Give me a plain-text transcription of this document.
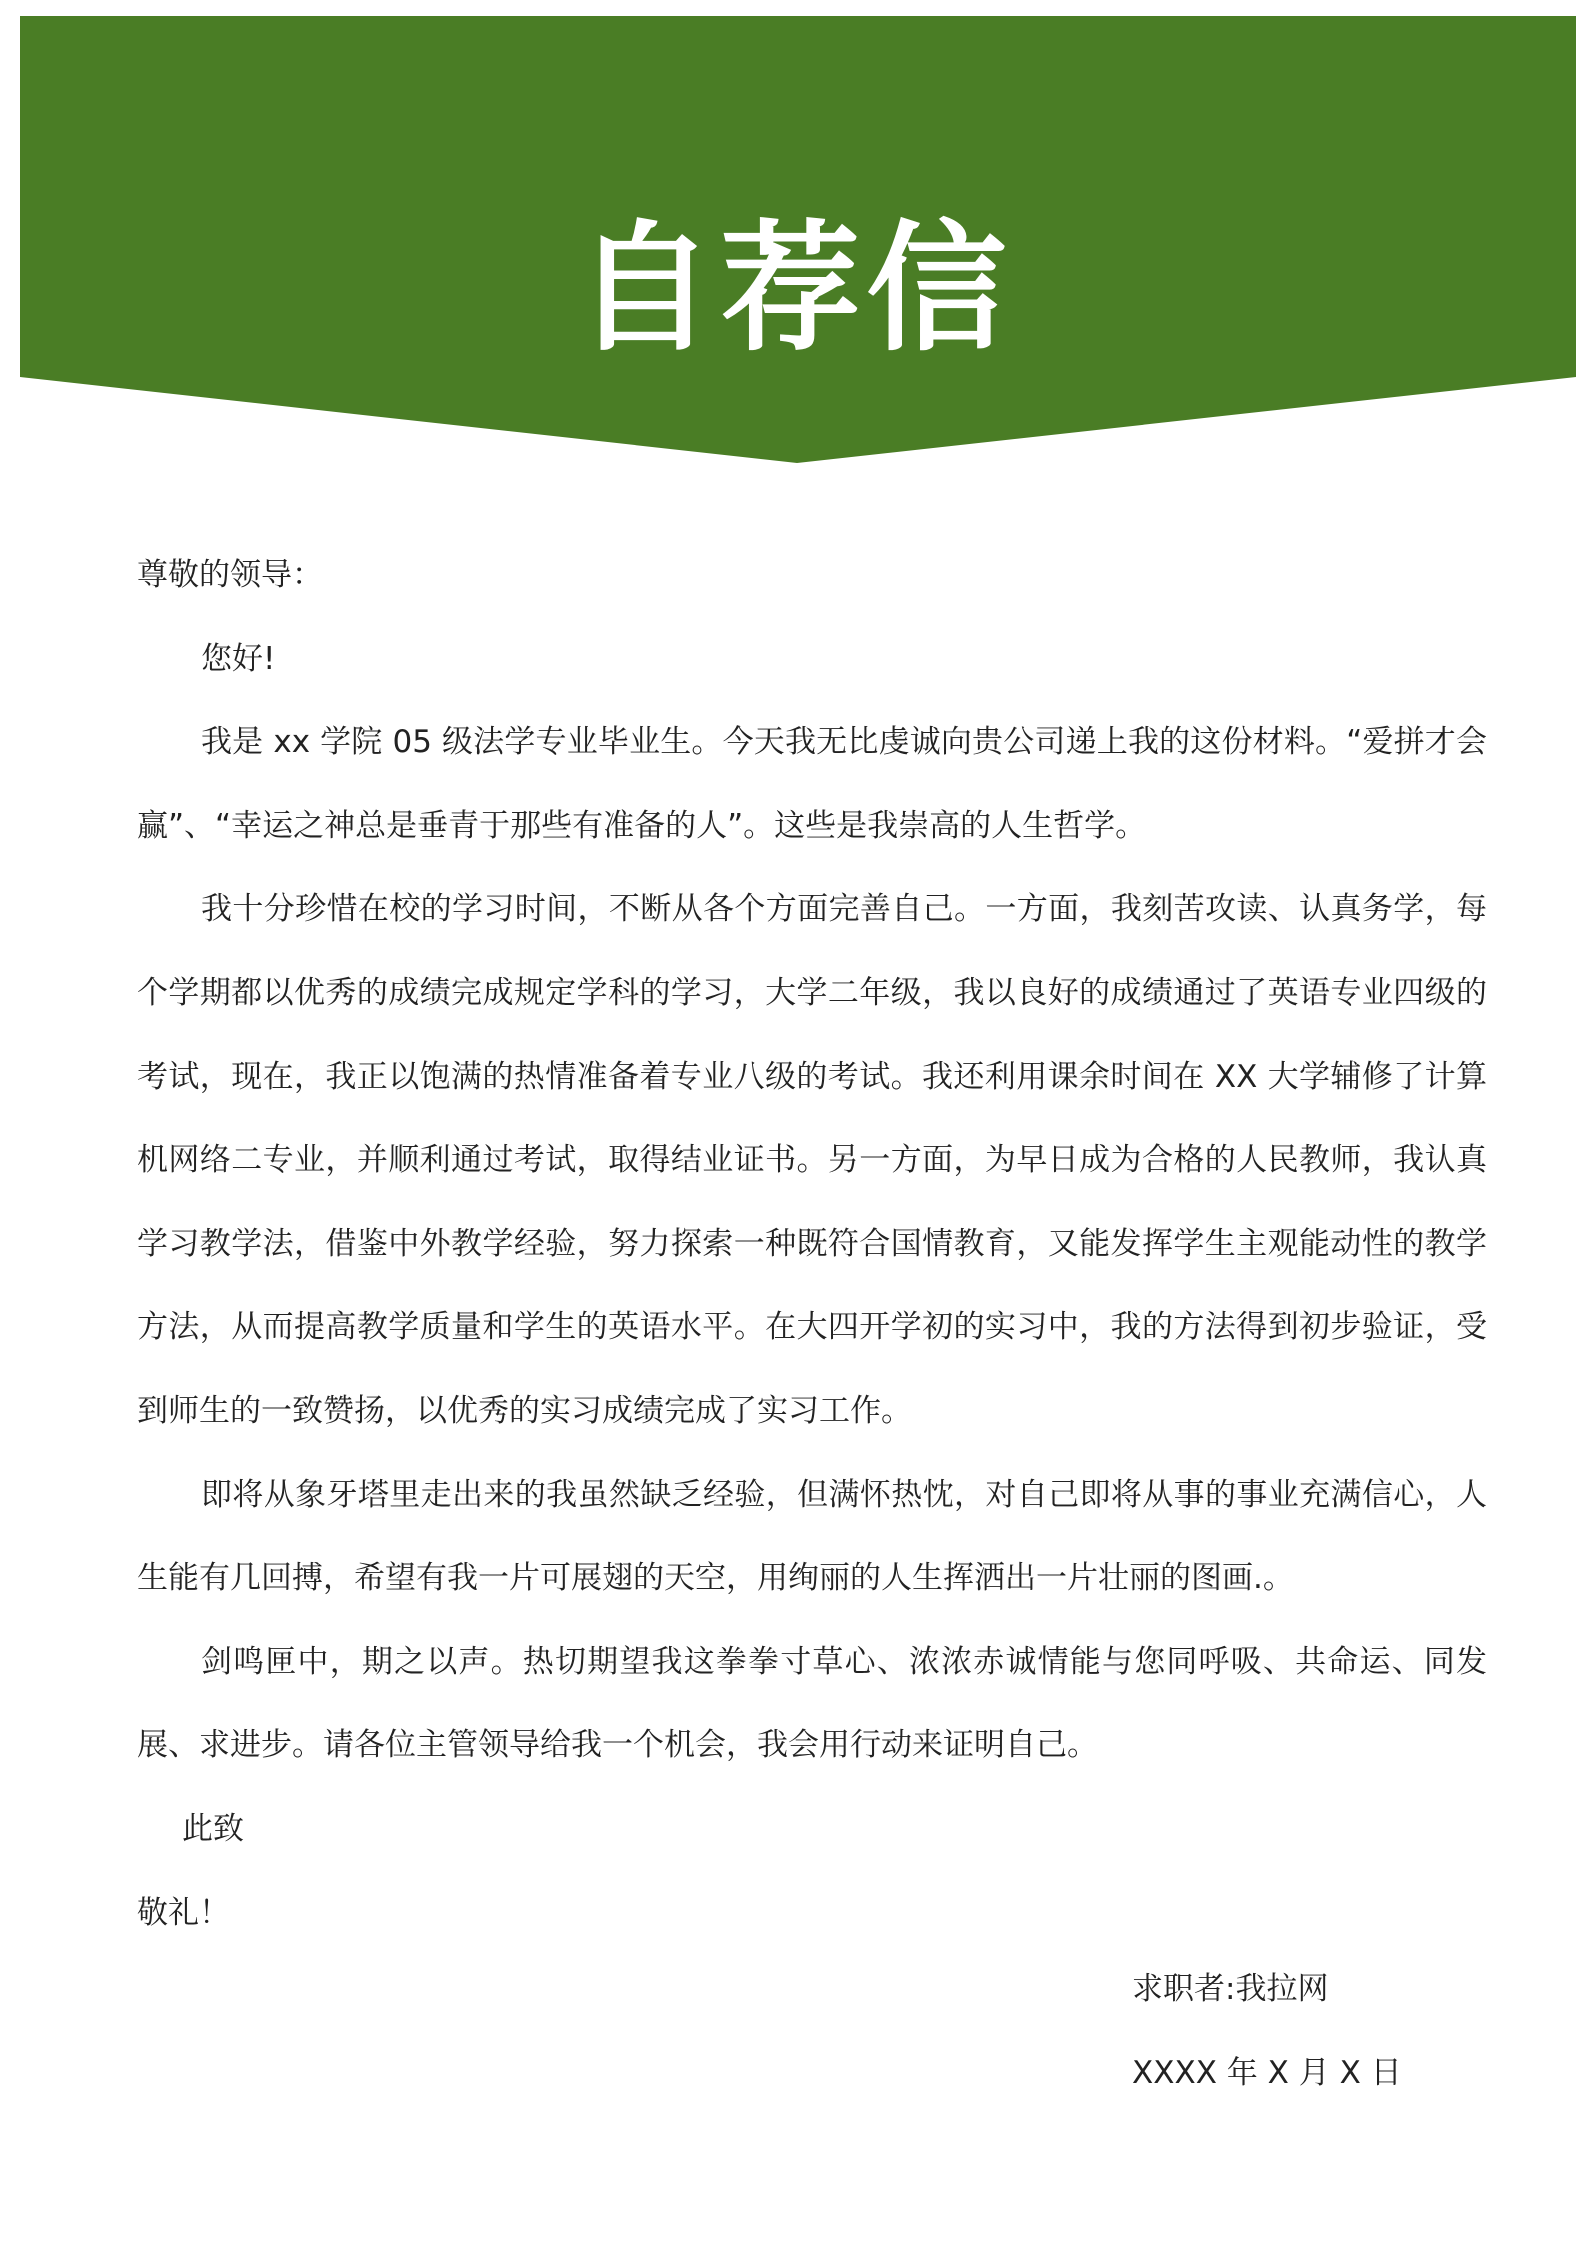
自荐信

尊敬的领导：

您好!

我是 xx 学院 05 级法学专业毕业生。今天我无比虔诚向贵公司递上我的这份材料。“爱拼才会赢”、“幸运之神总是垂青于那些有准备的人”。这些是我崇高的人生哲学。

我十分珍惜在校的学习时间，不断从各个方面完善自己。一方面，我刻苦攻读、认真务学，每个学期都以优秀的成绩完成规定学科的学习，大学二年级，我以良好的成绩通过了英语专业四级的考试，现在，我正以饱满的热情准备着专业八级的考试。我还利用课余时间在 XX 大学辅修了计算机网络二专业，并顺利通过考试，取得结业证书。另一方面，为早日成为合格的人民教师，我认真学习教学法，借鉴中外教学经验，努力探索一种既符合国情教育，又能发挥学生主观能动性的教学方法，从而提高教学质量和学生的英语水平。在大四开学初的实习中，我的方法得到初步验证，受到师生的一致赞扬，以优秀的实习成绩完成了实习工作。

即将从象牙塔里走出来的我虽然缺乏经验，但满怀热忱，对自己即将从事的事业充满信心，人生能有几回搏，希望有我一片可展翅的天空，用绚丽的人生挥洒出一片壮丽的图画.。

剑鸣匣中，期之以声。热切期望我这拳拳寸草心、浓浓赤诚情能与您同呼吸、共命运、同发展、求进步。请各位主管领导给我一个机会，我会用行动来证明自己。

此致

敬礼！

求职者:我拉网

XXXX 年 X 月 X 日
